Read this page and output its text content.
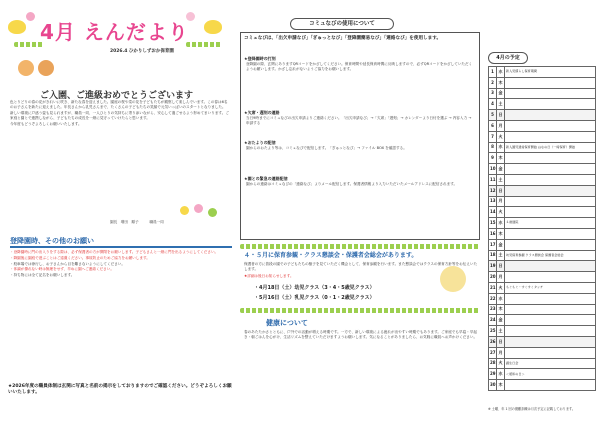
4月 えんだより
2026.4 ひかりしずおか保育園
ご入園、ご進級おめでとうございます

色とりどりの春の花がきれいに咲き、新たな春を迎えました。園庭の桜や菜の花を子どもたちが観察して楽しんでいます。この春は6名のお子さんを新たに迎えました。年長さんから乳児さんまで、たくさんの子どもたちの笑顔で元気いっぱいのスタートとなりました。

新しい環境に戸惑う姿も見られますが、職員一同、一人ひとりの気持ちに寄り添いながら、安心して過ごせるよう努めてまいります。ご家庭と園とで連携しながら、子どもたちの成長を一緒に見守っていけたらと思います。

今年度もどうぞよろしくお願いいたします。

園長　増田　順子　　　職員一同
登降園時、その他のお願い

・登降園時に門の出入りをする際は、必ず保護者の方が開閉をお願いします。子どもさんと一緒に門を出るようにしてください。

・降園後に園庭で遊ぶことはご遠慮ください。事故防止のためご協力をお願いします。

・駐車場では徐行し、お子さんから目を離さないようにしてください。

・体調が優れない時は無理をせず、早めに園へご連絡ください。

・持ち物には全て記名をお願いします。

★2026年度の職員体制は玄関に写真と名前の掲示をしておりますのでご確認ください。どうぞよろしくお願いいたします。
コミュなびの使用について
コミュなびは、「出欠申請なび」「ぎゅっとなび」「登降園簡易なび」「連絡なび」を使用します。
★登降園時の打刻
登降園の際、玄関にありますQRコードをかざしてください。保育時間や延長保育時間に反映しますので、必ずQRコードをかざしていただくようお願いします。かざし忘れがないようご協力をお願いします。
★欠席・遅刻の連絡
当日9時までにコミュなびの出欠申請よりご連絡ください。「出欠申請なび」→「欠席」「遅刻」→ カレンダーより日付を選ぶ → 内容入力 → 申請する
★おたよりの配信
園からのおたより等は、コミュなびで配信します。「ぎゅっとなび」→ ファイル BOX を確認する。
★園との緊急の連絡配信
園からの連絡はコミュなびの「連絡なび」よりメール配信します。保護者情報より入力いただいたメールアドレスに配信されます。
４・５月に保育参観・クラス懇談会・保護者会総会があります。
保護者の方に普段の園での子どもたちの様子を見ていただく機会として、保育参観を行います。また懇談会ではクラスの保育方針等をお伝えいたします。
★詳細は後日お知らせします。
・4月18日（土）幼児クラス（3・4・5歳児クラス）
・5月16日（土）乳児クラス（0・1・2歳児クラス）
健康について
春のあたたかさとともに、戸外での活動が増える時期です。一方で、新しい環境による疲れが出やすい時期でもあります。ご家庭でも早寝・早起き・朝ごはんを心がけ、生活リズムを整えていただけますようお願いします。気になることがありましたら、お気軽に職員へお声かけください。
4月の予定
1	水	新入児慣らし保育期間
2	木	
3	金	
4	土	
5	日	
6	月	
7	火	
8	水	新入園児通常保育開始 はなの日（一時保育）開始
9	木	
10	金	
11	土	
12	日	
13	月	
14	火	
15	水	４歳通院
16	木	
17	金	
18	土	幼児保育参観 クラス懇談会 保護者会総会
19	日	
20	月	
21	火	もぐもぐ・すくすくタッチ
22	水	
23	木	
24	金	
25	土	
26	日	
27	月	
28	火	誕生日会
29	水	＜昭和の日＞
30	木	
※ 土曜、年 1 回の避難訓練は月次予定に記載しております。
